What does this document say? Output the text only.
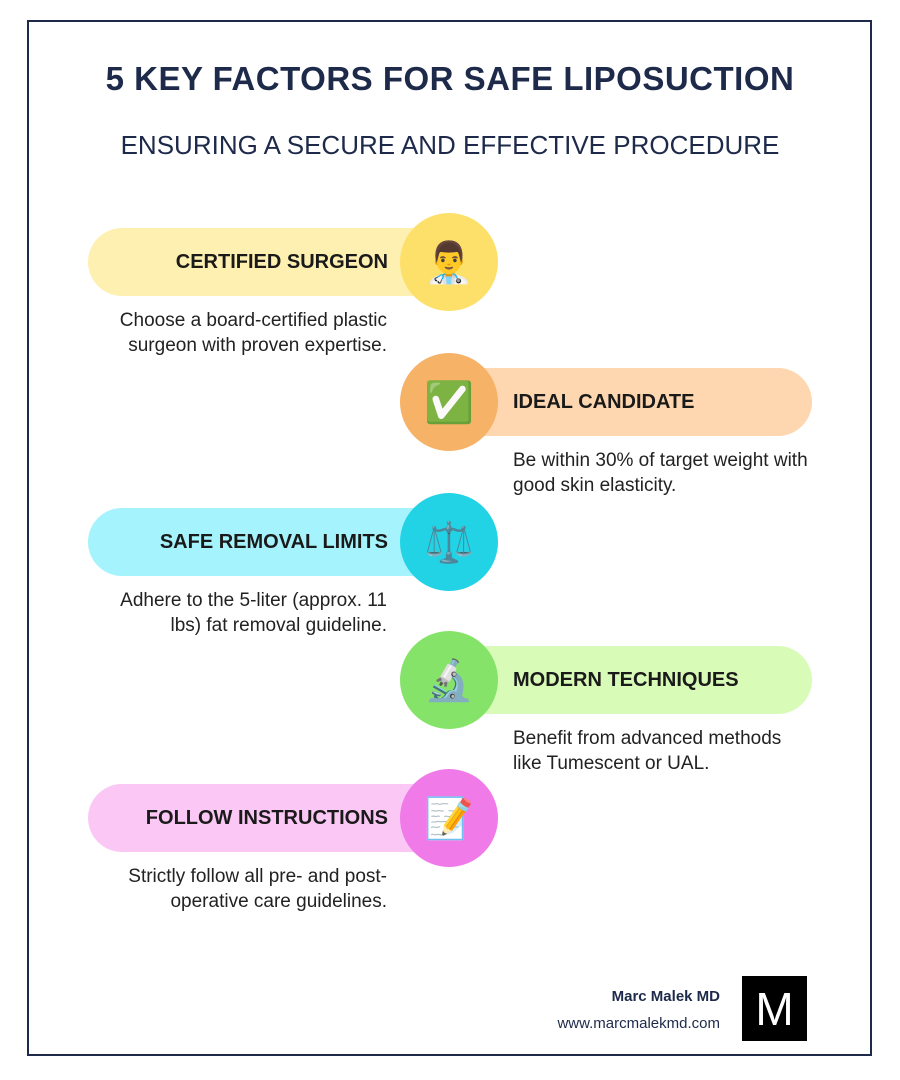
5 KEY FACTORS FOR SAFE LIPOSUCTION
ENSURING A SECURE AND EFFECTIVE PROCEDURE
CERTIFIED SURGEON 👨‍⚕️
Choose a board-certified plastic surgeon with proven expertise.
IDEAL CANDIDATE
✅
Be within 30% of target weight with good skin elasticity.
SAFE REMOVAL LIMITS ⚖️
Adhere to the 5-liter (approx. 11 lbs) fat removal guideline.
MODERN TECHNIQUES
🔬
Benefit from advanced methods like Tumescent or UAL.
FOLLOW INSTRUCTIONS 📝
Strictly follow all pre- and post-operative care guidelines.
Marc Malek MD
www.marcmalekmd.com M
